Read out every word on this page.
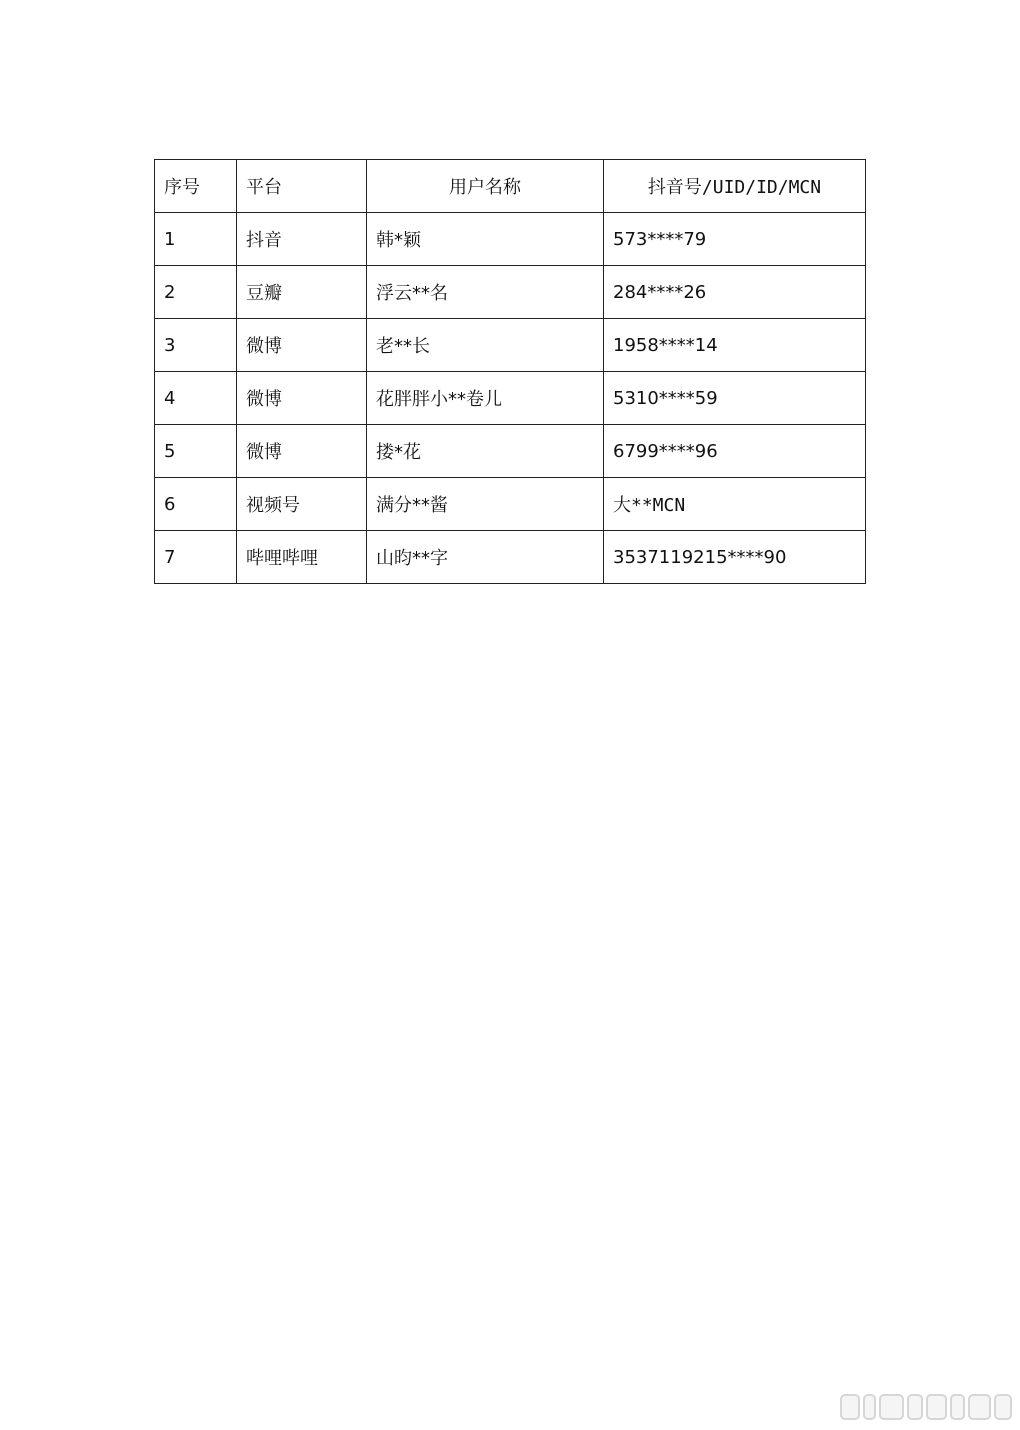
序号	平台	用户名称	抖音号/UID/ID/MCN
1	抖音	韩*颖	573****79
2	豆瓣	浮云**名	284****26
3	微博	老**长	1958****14
4	微博	花胖胖小**卷儿	5310****59
5	微博	搂*花	6799****96
6	视频号	满分**酱	大**MCN
7	哔哩哔哩	山昀**字	3537119215****90
